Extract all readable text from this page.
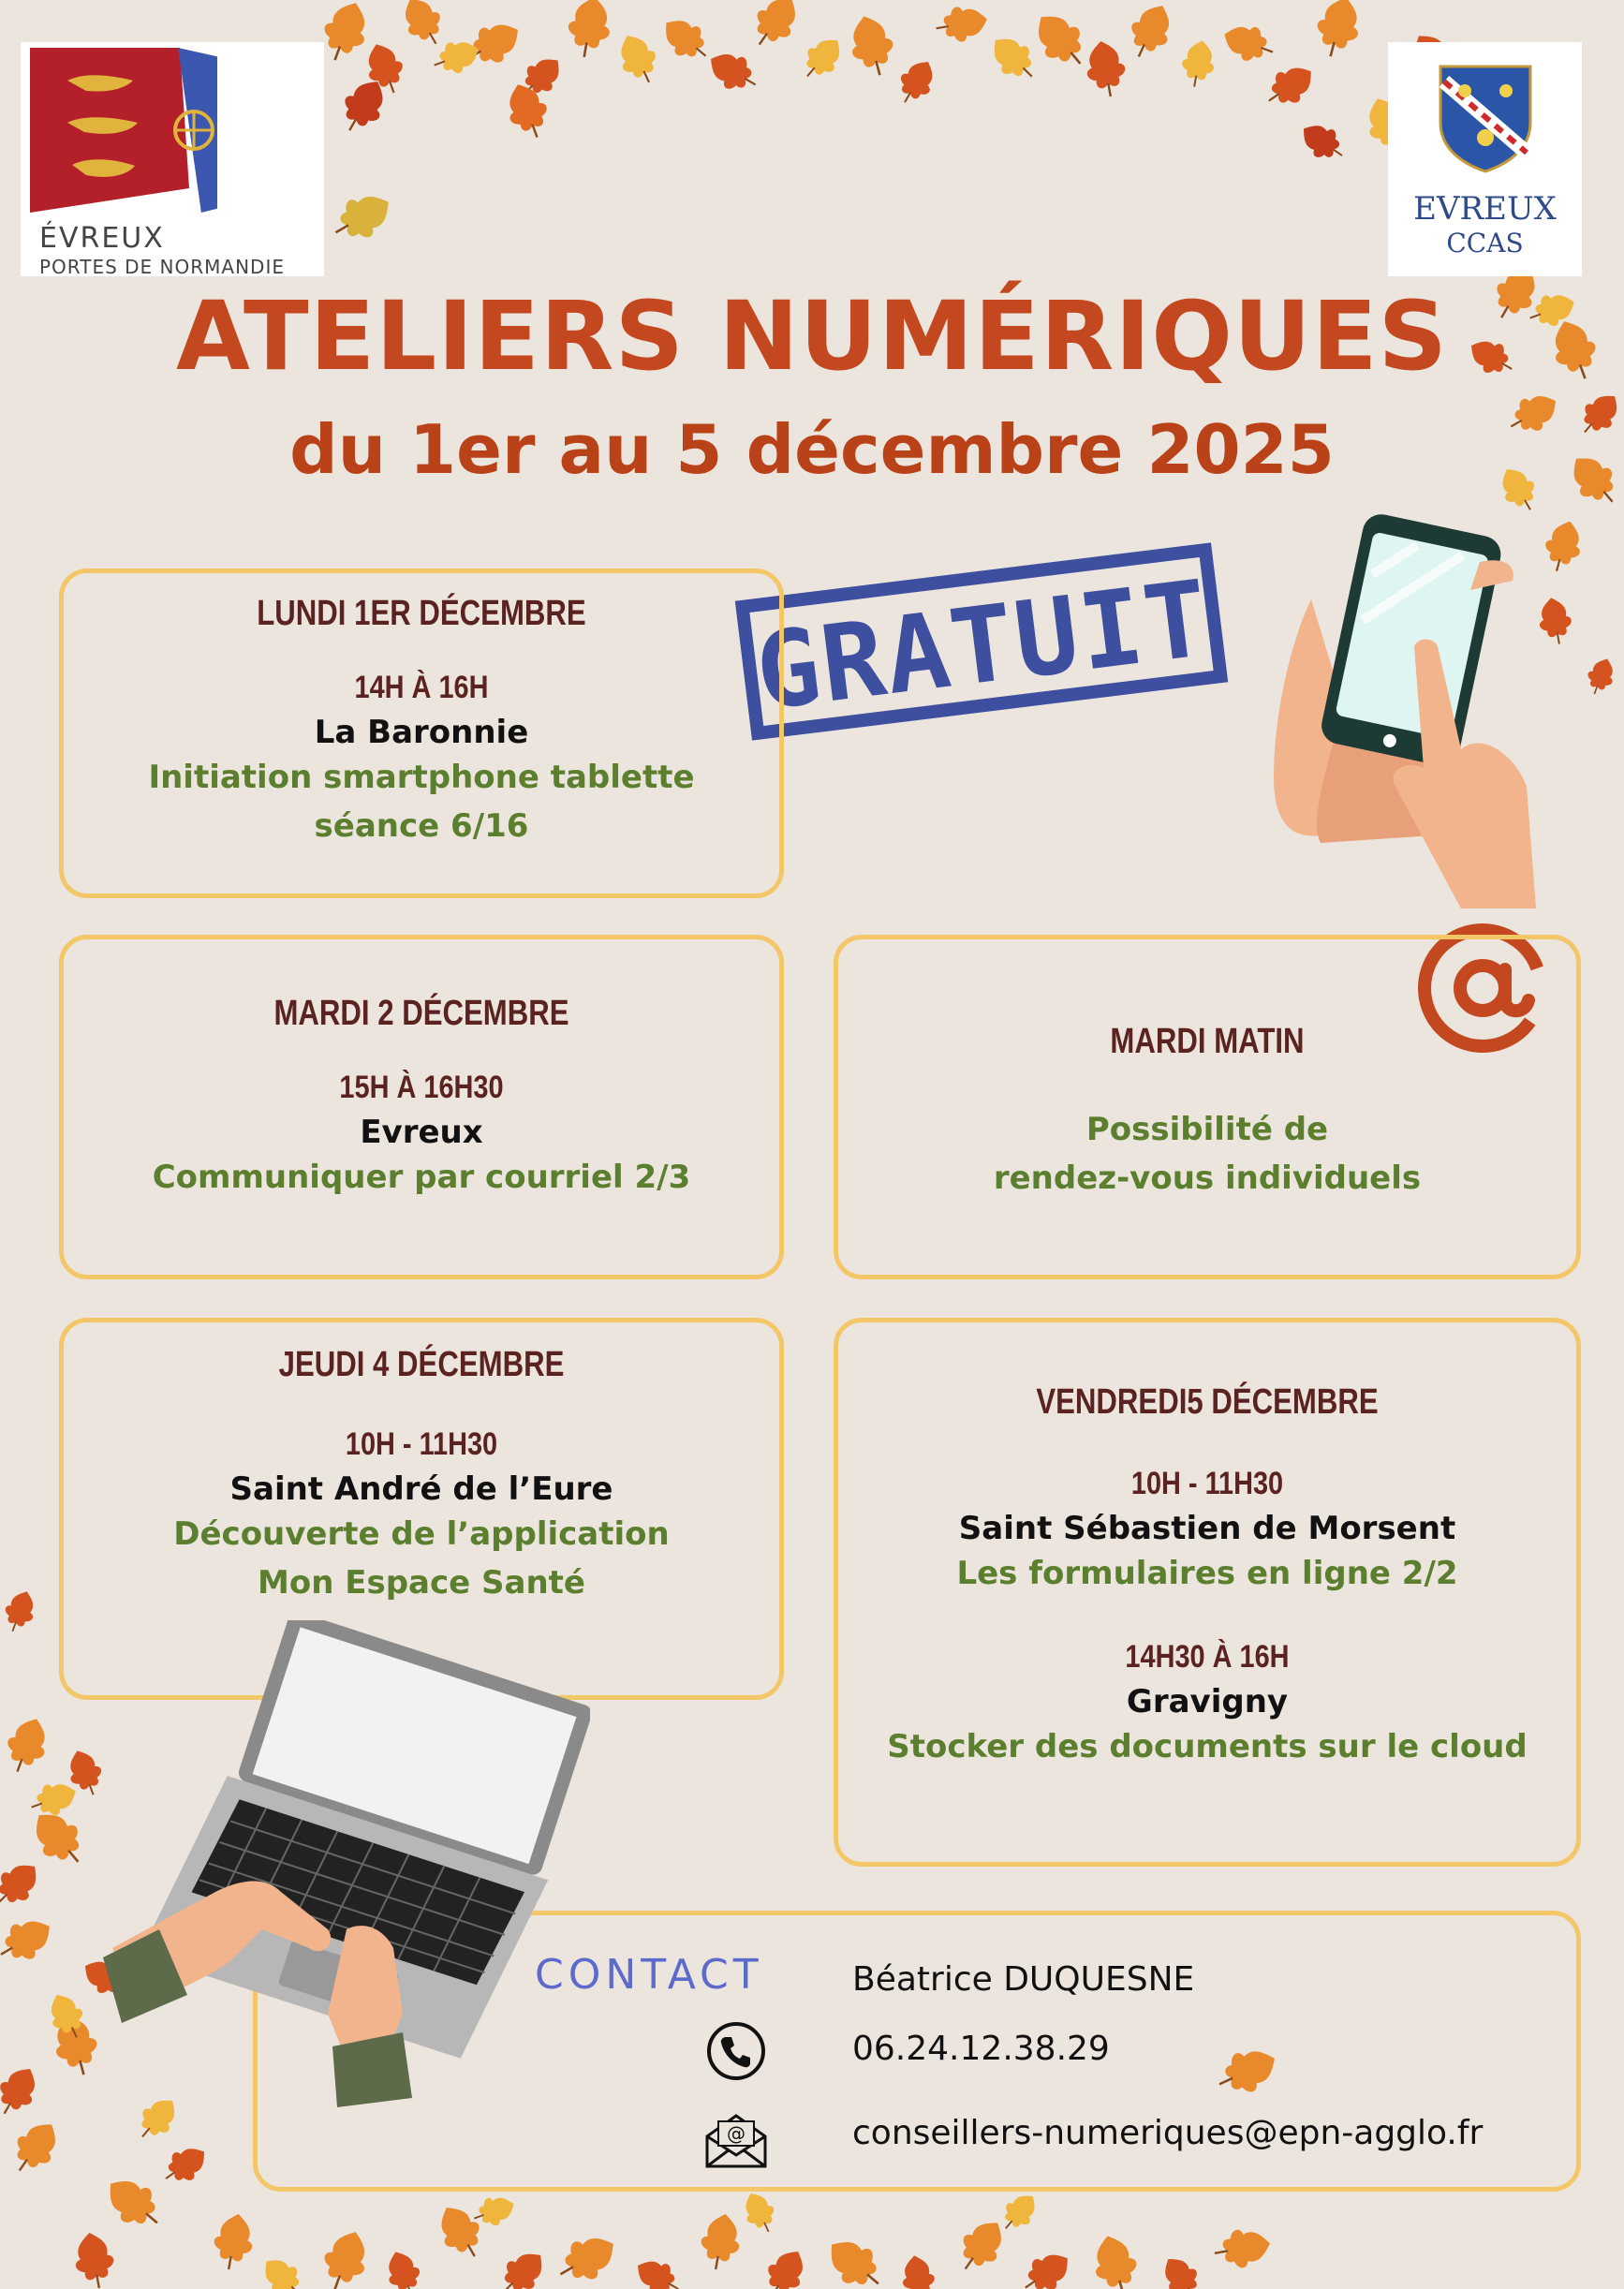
ÉVREUX
PORTES DE NORMANDIE
EVREUX
CCAS
ATELIERS NUMÉRIQUES
du 1er au 5 décembre 2025
GRATUIT
LUNDI 1ER DÉCEMBRE
14H À 16H
La Baronnie
Initiation smartphone tablette
séance 6/16
MARDI 2 DÉCEMBRE
15H À 16H30
Evreux
Communiquer par courriel 2/3
MARDI MATIN
Possibilité de
rendez-vous individuels
JEUDI 4 DÉCEMBRE
10H - 11H30
Saint André de l’Eure
Découverte de l’application
Mon Espace Santé
VENDREDI5 DÉCEMBRE
10H - 11H30
Saint Sébastien de Morsent
Les formulaires en ligne 2/2
14H30 À 16H
Gravigny
Stocker des documents sur le cloud
CONTACT	Béatrice DUQUESNE
06.24.12.38.29
@	conseillers-numeriques@epn-agglo.fr
